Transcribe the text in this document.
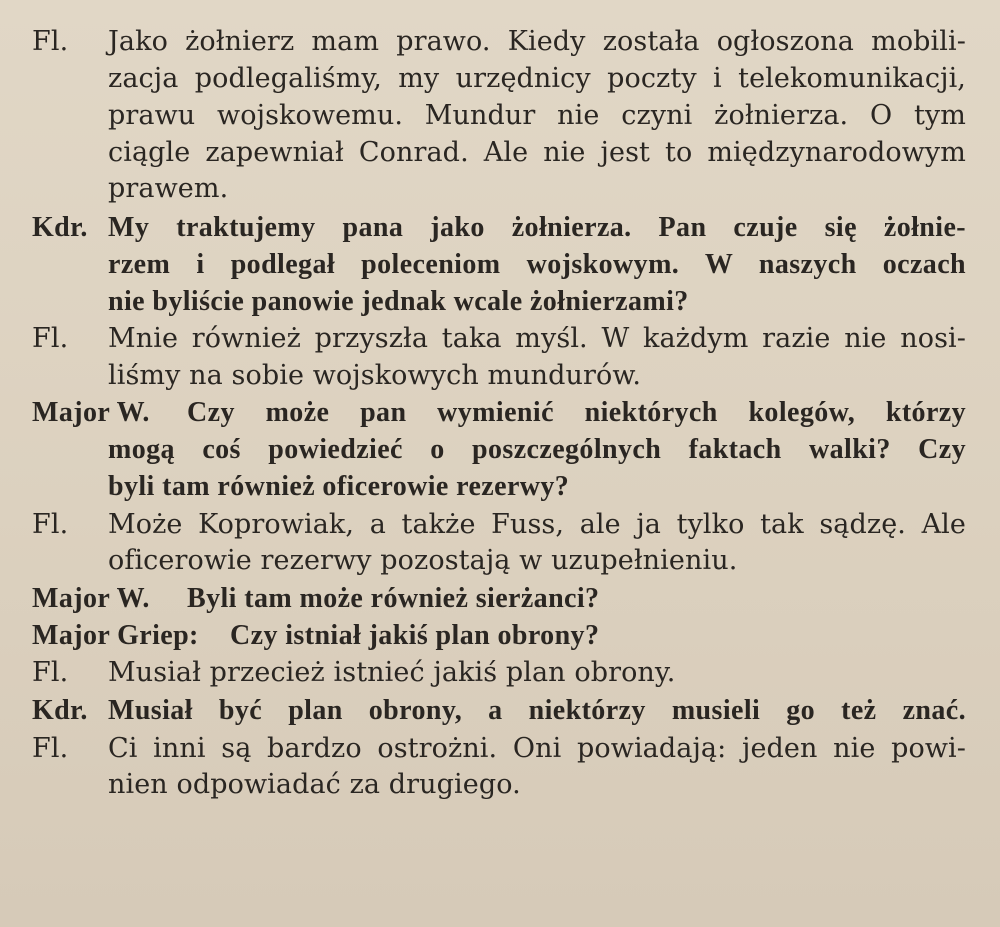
Fl. Jako żołnierz mam prawo. Kiedy została ogłoszona mobili-
zacja podlegaliśmy, my urzędnicy poczty i telekomunikacji,
prawu wojskowemu. Mundur nie czyni żołnierza. O tym
ciągle zapewniał Conrad. Ale nie jest to międzynarodowym
prawem.
Kdr. My traktujemy pana jako żołnierza. Pan czuje się żołnie-
rzem i podlegał poleceniom wojskowym. W naszych oczach
nie byliście panowie jednak wcale żołnierzami?
Fl. Mnie również przyszła taka myśl. W każdym razie nie nosi-
liśmy na sobie wojskowych mundurów.
Major W. Czy może pan wymienić niektórych kolegów, którzy
mogą coś powiedzieć o poszczególnych faktach walki? Czy
byli tam również oficerowie rezerwy?
Fl. Może Koprowiak, a także Fuss, ale ja tylko tak sądzę. Ale
oficerowie rezerwy pozostają w uzupełnieniu.
Major W. Byli tam może również sierżanci?
Major Griep: Czy istniał jakiś plan obrony?
Fl. Musiał przecież istnieć jakiś plan obrony.
Kdr. Musiał być plan obrony, a niektórzy musieli go też znać.
Fl. Ci inni są bardzo ostrożni. Oni powiadają: jeden nie powi-
nien odpowiadać za drugiego.
